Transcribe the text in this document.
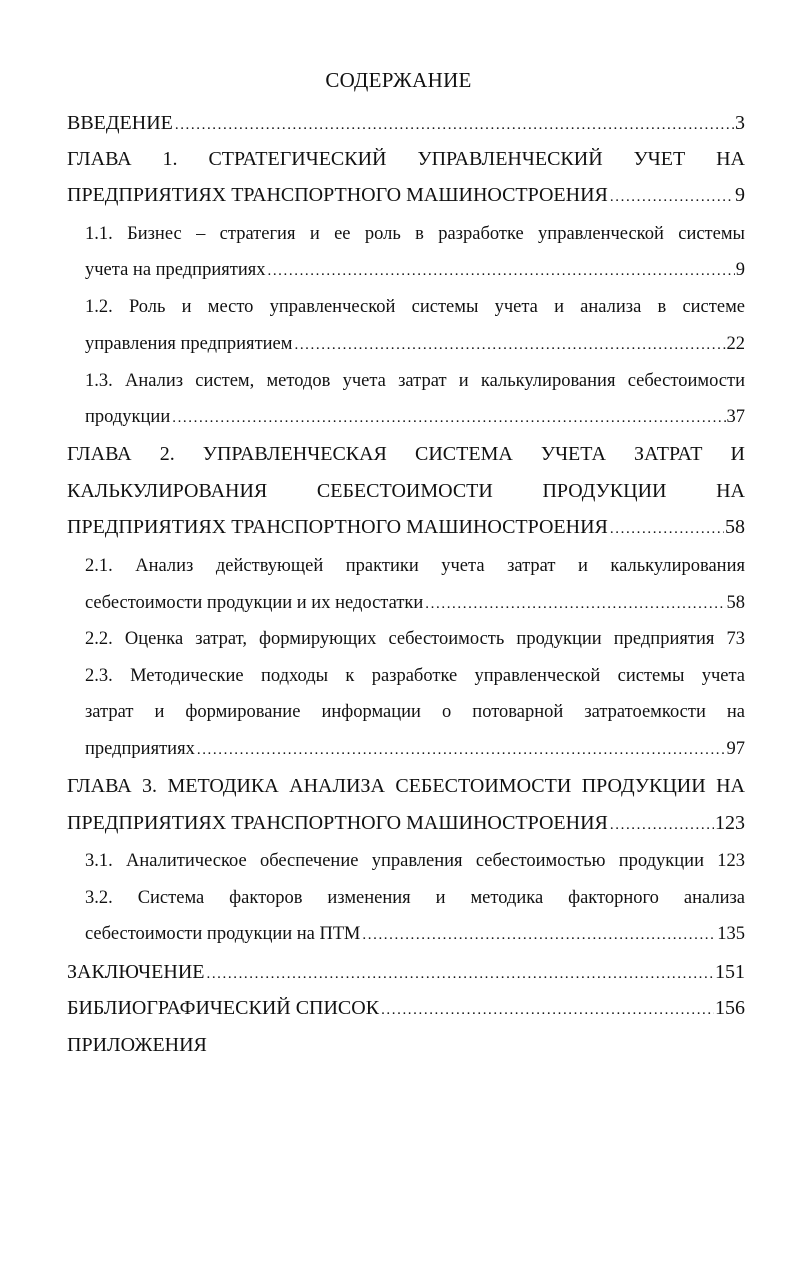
СОДЕРЖАНИЕ
ВВЕДЕНИЕ .....	3
ГЛАВА 1. СТРАТЕГИЧЕСКИЙ УПРАВЛЕНЧЕСКИЙ УЧЕТ НА
ПРЕДПРИЯТИЯХ ТРАНСПОРТНОГО МАШИНОСТРОЕНИЯ .....	9
1.1. Бизнес – стратегия и ее роль в разработке управленческой системы
учета на предприятиях .....	9
1.2. Роль и место управленческой системы учета и анализа в системе
управления предприятием .....	22
1.3. Анализ систем, методов учета затрат и калькулирования себестоимости
продукции .....	37
ГЛАВА 2. УПРАВЛЕНЧЕСКАЯ СИСТЕМА УЧЕТА ЗАТРАТ И
КАЛЬКУЛИРОВАНИЯ СЕБЕСТОИМОСТИ ПРОДУКЦИИ НА
ПРЕДПРИЯТИЯХ ТРАНСПОРТНОГО МАШИНОСТРОЕНИЯ .....	58
2.1. Анализ действующей практики учета затрат и калькулирования
себестоимости продукции и их недостатки .....	58
2.2. Оценка затрат, формирующих себестоимость продукции предприятия 73
2.3. Методические подходы к разработке управленческой системы учета
затрат и формирование информации о потоварной затратоемкости на
предприятиях .....	97
ГЛАВА 3. МЕТОДИКА АНАЛИЗА СЕБЕСТОИМОСТИ ПРОДУКЦИИ НА
ПРЕДПРИЯТИЯХ ТРАНСПОРТНОГО МАШИНОСТРОЕНИЯ .....	123
3.1. Аналитическое обеспечение управления себестоимостью продукции 123
3.2. Система факторов изменения и методика факторного анализа
себестоимости продукции на ПТМ .....	135
ЗАКЛЮЧЕНИЕ .....	151
БИБЛИОГРАФИЧЕСКИЙ СПИСОК .....	156
ПРИЛОЖЕНИЯ
